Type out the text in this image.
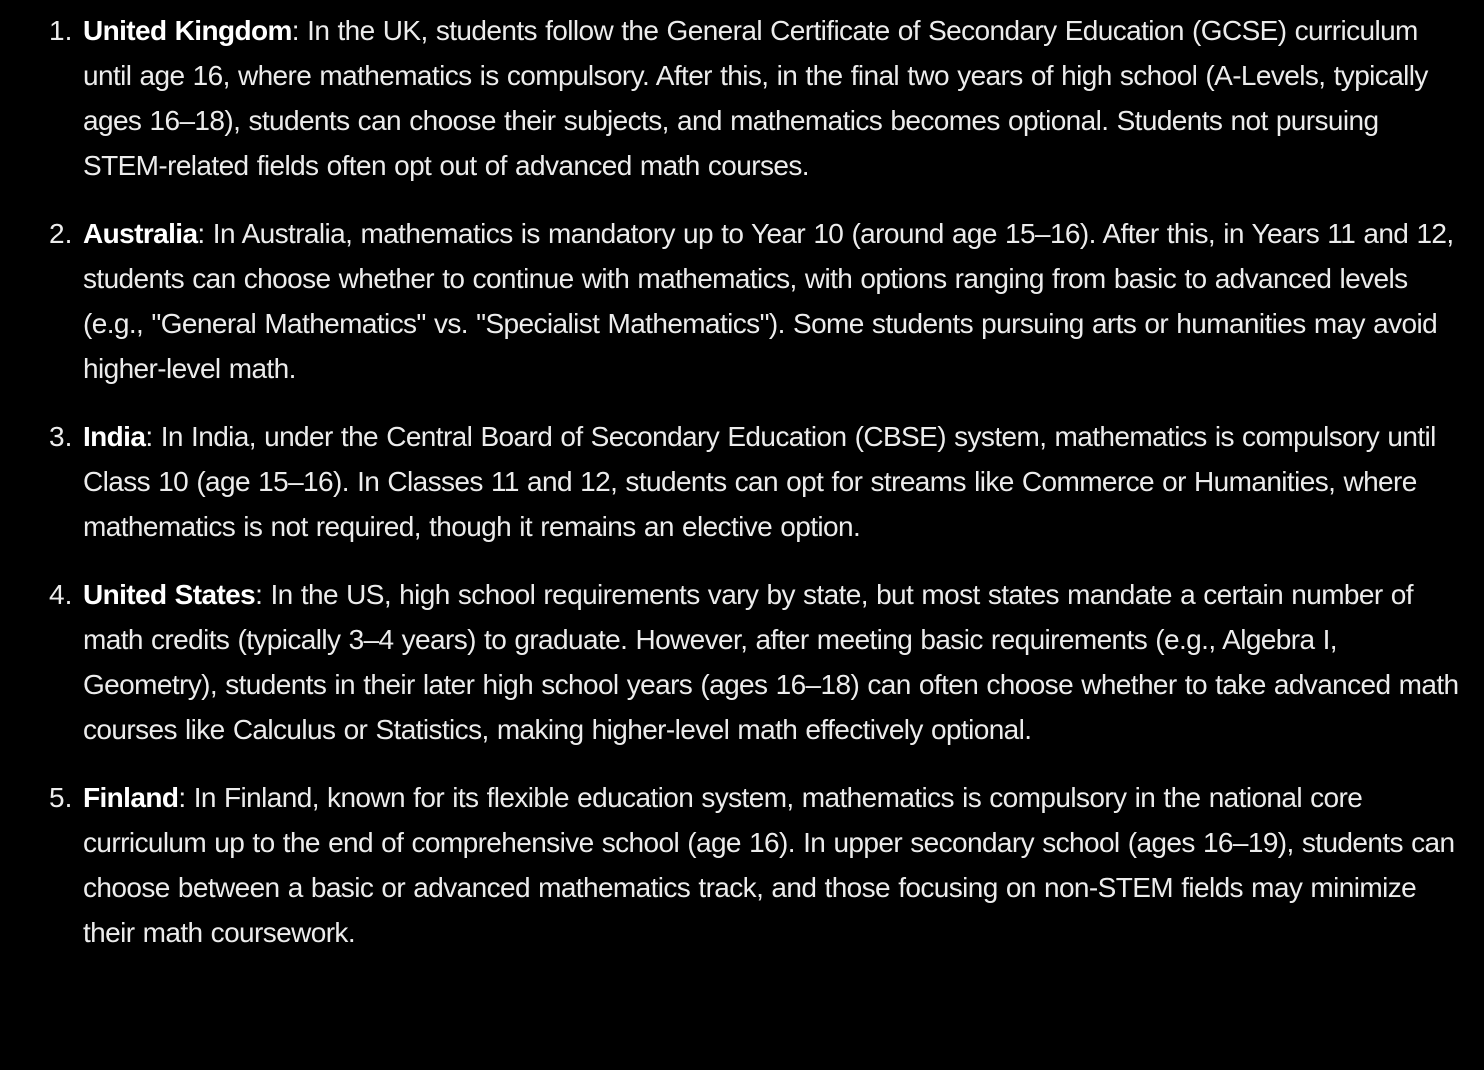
1. United Kingdom: In the UK, students follow the General Certificate of Secondary Education (GCSE) curriculum until age 16, where mathematics is compulsory. After this, in the final two years of high school (A-Levels, typically ages 16–18), students can choose their subjects, and mathematics becomes optional. Students not pursuing STEM-related fields often opt out of advanced math courses.
2. Australia: In Australia, mathematics is mandatory up to Year 10 (around age 15–16). After this, in Years 11 and 12, students can choose whether to continue with mathematics, with options ranging from basic to advanced levels (e.g., "General Mathematics" vs. "Specialist Mathematics"). Some students pursuing arts or humanities may avoid higher-level math.
3. India: In India, under the Central Board of Secondary Education (CBSE) system, mathematics is compulsory until Class 10 (age 15–16). In Classes 11 and 12, students can opt for streams like Commerce or Humanities, where mathematics is not required, though it remains an elective option.
4. United States: In the US, high school requirements vary by state, but most states mandate a certain number of math credits (typically 3–4 years) to graduate. However, after meeting basic requirements (e.g., Algebra I, Geometry), students in their later high school years (ages 16–18) can often choose whether to take advanced math courses like Calculus or Statistics, making higher-level math effectively optional.
5. Finland: In Finland, known for its flexible education system, mathematics is compulsory in the national core curriculum up to the end of comprehensive school (age 16). In upper secondary school (ages 16–19), students can choose between a basic or advanced mathematics track, and those focusing on non-STEM fields may minimize their math coursework.
